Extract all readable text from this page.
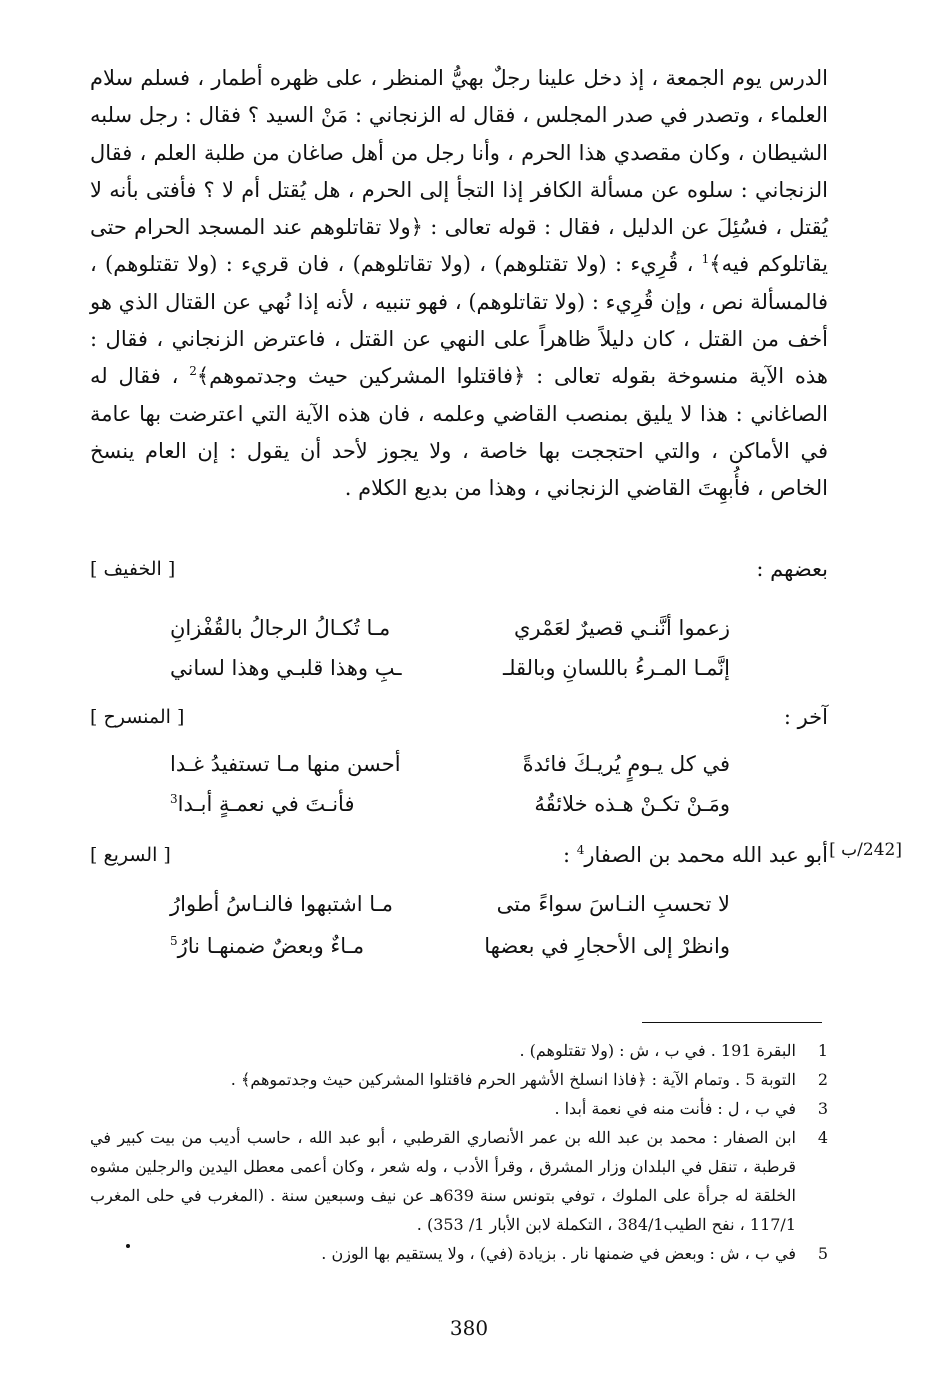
الدرس يوم الجمعة ، إذ دخل علينا رجلٌ بهيُّ المنظر ، على ظهره أطمار ، فسلم سلام العلماء ، وتصدر في صدر المجلس ، فقال له الزنجاني : مَنْ السيد ؟ فقال : رجل سلبه الشيطان ، وكان مقصدي هذا الحرم ، وأنا رجل من أهل صاغان من طلبة العلم ، فقال الزنجاني : سلوه عن مسألة الكافر إذا التجأ إلى الحرم ، هل يُقتل أم لا ؟ فأفتى بأنه لا يُقتل ، فسُئِلَ عن الدليل ، فقال : قوله تعالى : ﴿ولا تقاتلوهم عند المسجد الحرام حتى يقاتلوكم فيه﴾$^1$ ، قُرِيء : (ولا تقتلوهم) ، (ولا تقاتلوهم) ، فان قريء : (ولا تقتلوهم) ، فالمسألة نص ، وإن قُرِيء : (ولا تقاتلوهم) ، فهو تنبيه ، لأنه إذا نُهي عن القتال الذي هو أخف من القتل ، كان دليلاً ظاهراً على النهي عن القتل ، فاعترض الزنجاني ، فقال : هذه الآية منسوخة بقوله تعالى : ﴿فاقتلوا المشركين حيث وجدتموهم﴾$^2$ ، فقال له الصاغاني : هذا لا يليق بمنصب القاضي وعلمه ، فان هذه الآية التي اعترضت بها عامة في الأماكن ، والتي احتججت بها خاصة ، ولا يجوز لأحد أن يقول : إن العام ينسخ الخاص ، فأُبهِتَ القاضي الزنجاني ، وهذا من بديع الكلام .

بعضهم :
[ الخفيف ]
زعموا أنَّنـي قصيرٌ لعَمْري
مـا تُكـالُ الرجالُ بالقُفْزانِ
إنَّمـا المـرءُ باللسانِ وبالقلـ
ـبِ وهذا قلبـي وهذا لساني
آخر :
[ المنسرح ]
في كل يـومٍ يُريـكَ فائدةً
أحسن منها مـا تستفيدُ غـدا
ومَـنْ تكـنْ هـذه خلائقُهُ
فأنـتَ في نعمـةٍ أبـدا$^3$
أبو عبد الله محمد بن الصفار$^4$ :
[ السريع ]	[242/ب ]
لا تحسبِ النـاسَ سواءً متى
مـا اشتبهوا فالنـاسُ أطوارُ
وانظرْ إلى الأحجارِ في بعضها
مـاءٌ وبعضٌ ضمنهـا نارُ$^5$
1
البقرة 191 . في ب ، ش : (ولا تقتلوهم) .
2
التوبة 5 . وتمام الآية : ﴿فاذا انسلخ الأشهر الحرم فاقتلوا المشركين حيث وجدتموهم﴾ .
3
في ب ، ل : فأنت منه في نعمة أبدا .
4
ابن الصفار : محمد بن عبد الله بن عمر الأنصاري القرطبي ، أبو عبد الله ، حاسب أديب من بيت كبير في قرطبة ، تنقل في البلدان وزار المشرق ، وقرأ الأدب ، وله شعر ، وكان أعمى معطل اليدين والرجلين مشوه الخلقة له جرأة على الملوك ، توفي بتونس سنة 639هـ عن نيف وسبعين سنة . (المغرب في حلى المغرب 117/1 ، نفح الطيب384/1 ، التكملة لابن الأبار 1/ 353) .
5
في ب ، ش : وبعض في ضمنها نار . بزيادة (في) ، ولا يستقيم بها الوزن .
380
